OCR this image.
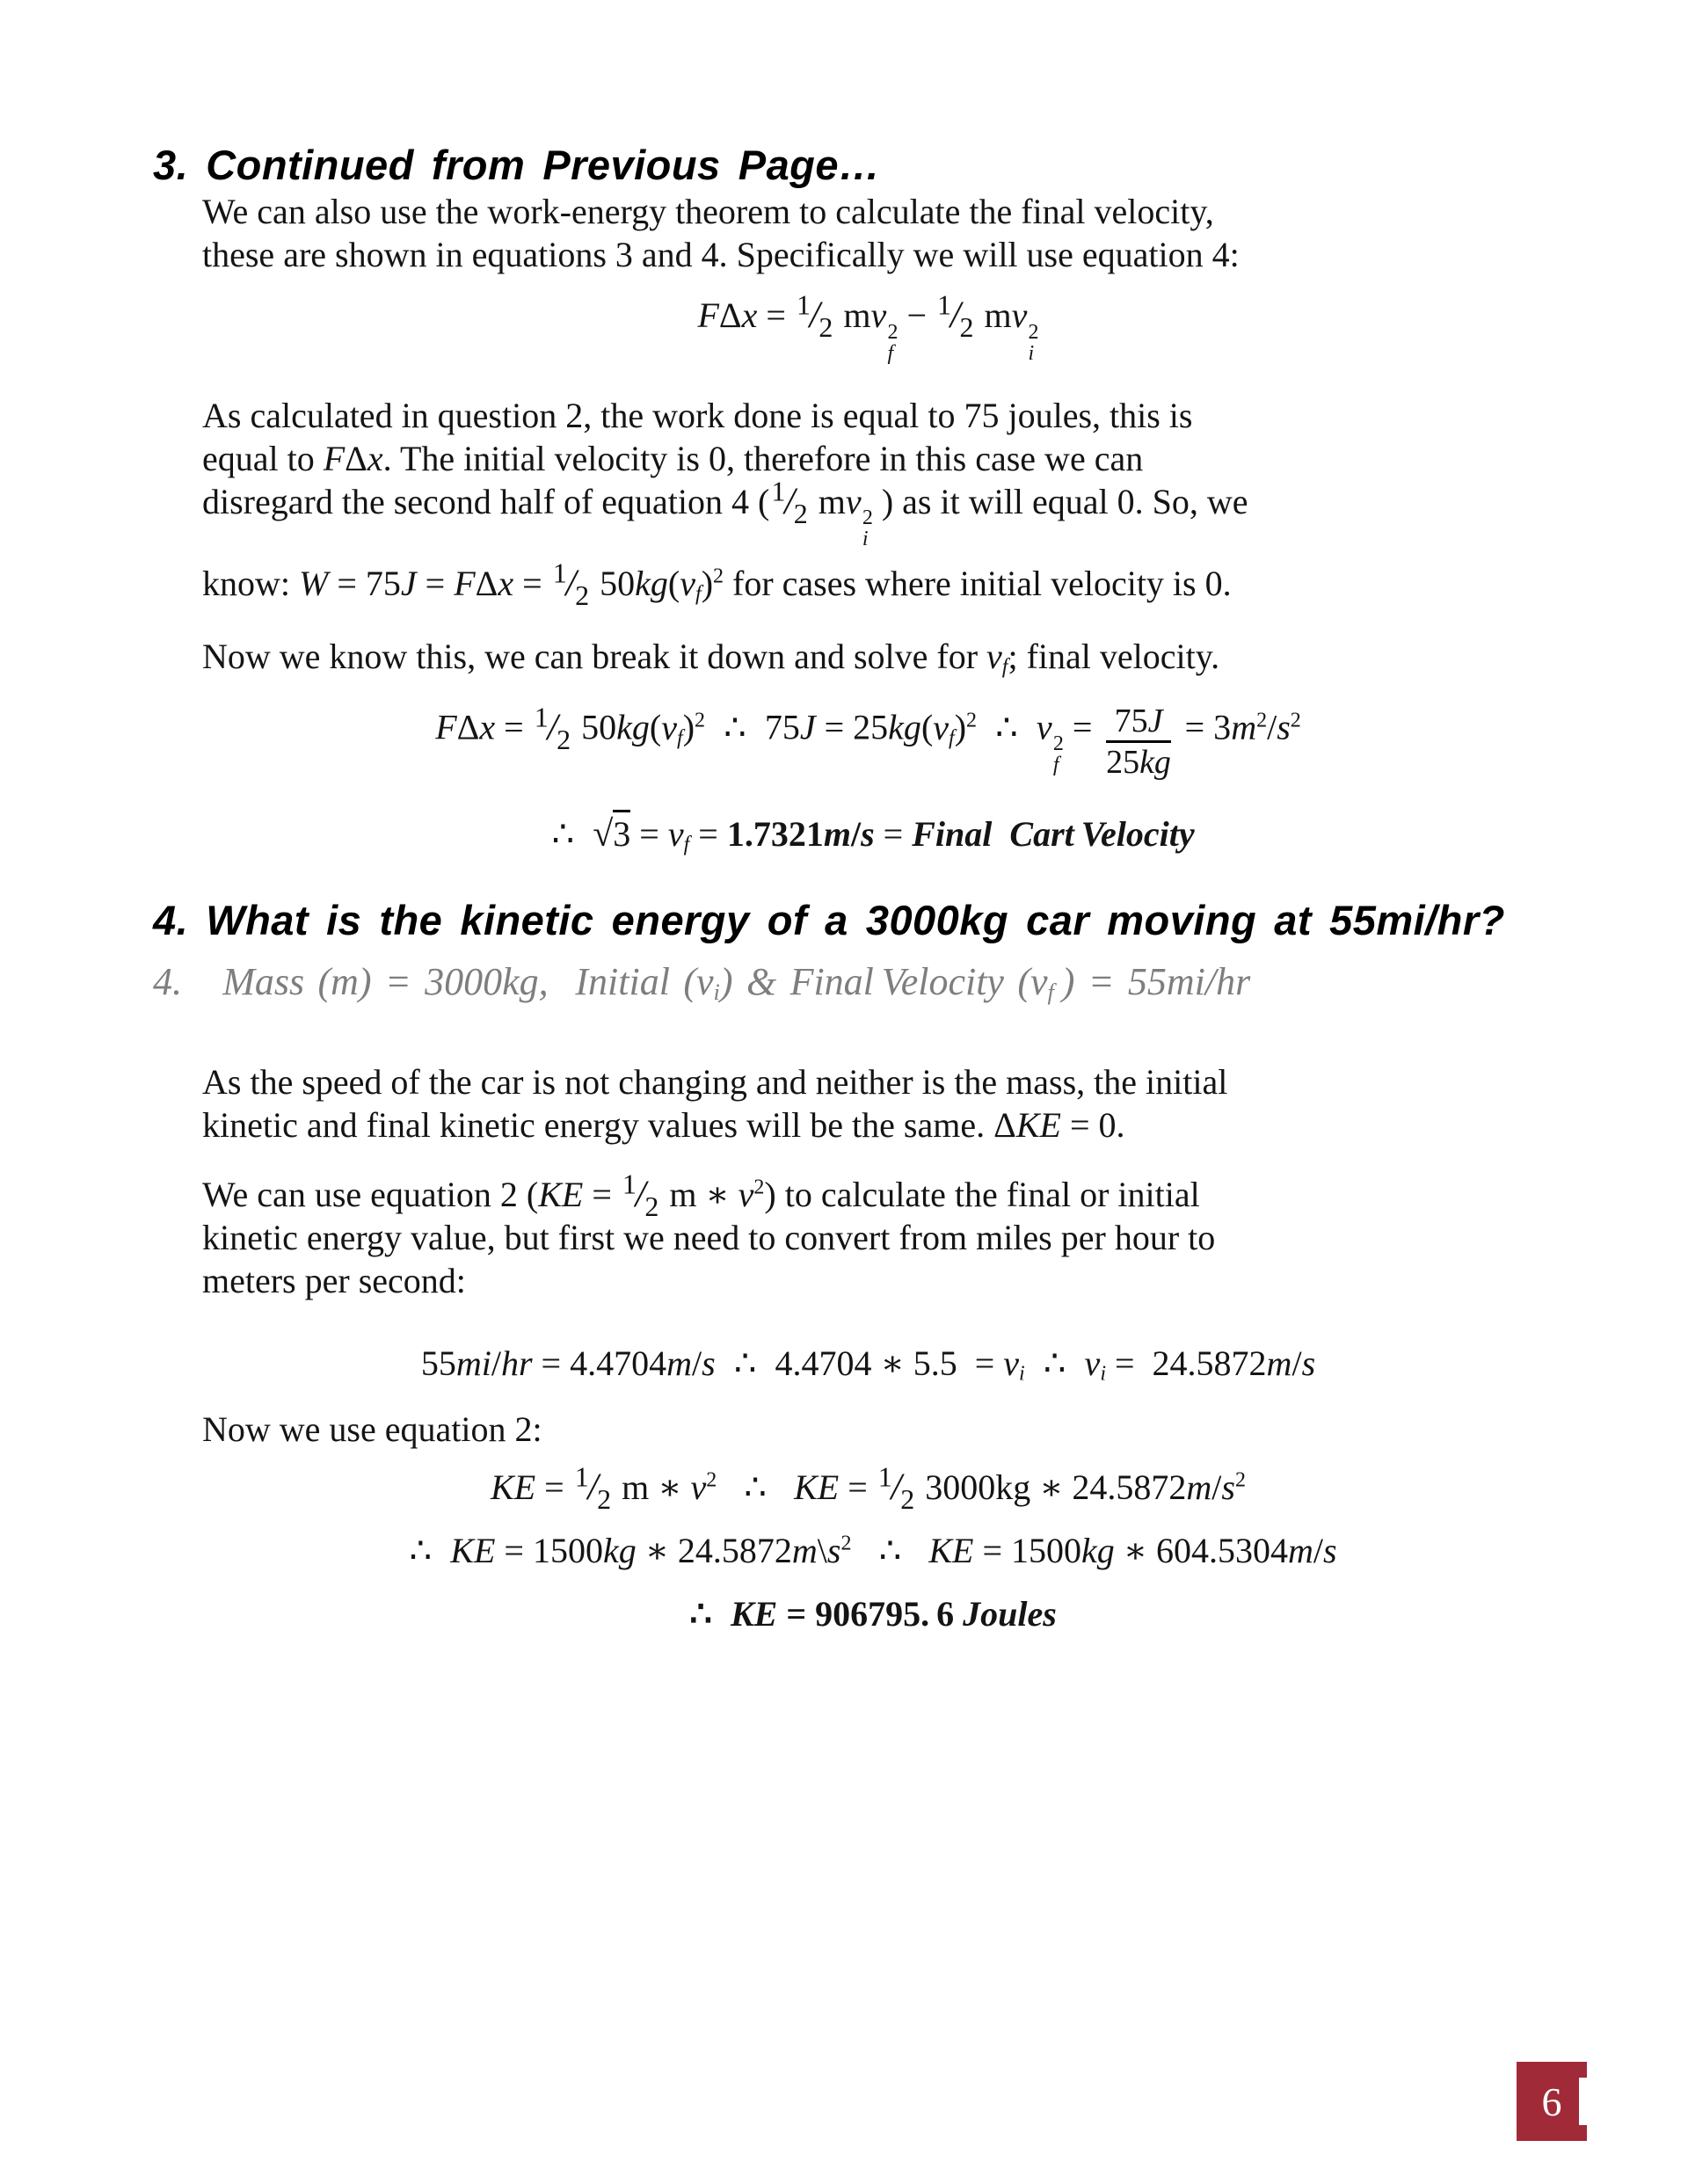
3. Continued from Previous Page…
We can also use the work-energy theorem to calculate the final velocity,
these are shown in equations 3 and 4. Specifically we will use equation 4:
$F\Delta x = ^1/_2$ mv 2
f
− $^1/_2$ mv 2
i
As calculated in question 2, the work done is equal to 75 joules, this is
equal to FΔx. The initial velocity is 0, therefore in this case we can
disregard the second half of equation 4 ($^1/_2$ mv 2
i
) as it will equal 0. So, we
know: $W = 75J = F\Delta x = ^1/_2$ $50kg(v_f)^2$ for cases where initial velocity is 0.
Now we know this, we can break it down and solve for $v_f$; final velocity.
$F\Delta x = ^1/_2$ $50kg(v_f)^2$ ∴ $75J = 25kg(v_f)^2$ ∴ v 2
f
= $\frac{75J}{25kg} = 3m^2/s^2$
∴ $√3 = v_f = 1.7321m/s$ = Final  Cart Velocity
4. What is the kinetic energy of a 3000kg car moving at 55mi/hr?
4.   Mass (m) = 3000kg,  Initial $(v_i)$ & Final Velocity ($v_f$ ) = 55mi/hr
As the speed of the car is not changing and neither is the mass, the initial
kinetic and final kinetic energy values will be the same. ΔKE = 0.
We can use equation 2 ($KE = ^1/_2$ m ∗ $v^2$) to calculate the final or initial
kinetic energy value, but first we need to convert from miles per hour to
meters per second:
55mi/hr = 4.4704m/s ∴ 4.4704 ∗ $5.5 = v_i$ ∴ $v_i = 24.5872m/s$
Now we use equation 2:
KE = $^1/_2$ m ∗ $v^2$ ∴ KE = $^1/_2$ 3000kg ∗ $24.5872m/s^2$
∴ KE = 1500kg ∗ $24.5872m\backslash s^2$ ∴ KE = 1500kg ∗ 604.5304m/s
∴ KE = 906795. 6 Joules
6
